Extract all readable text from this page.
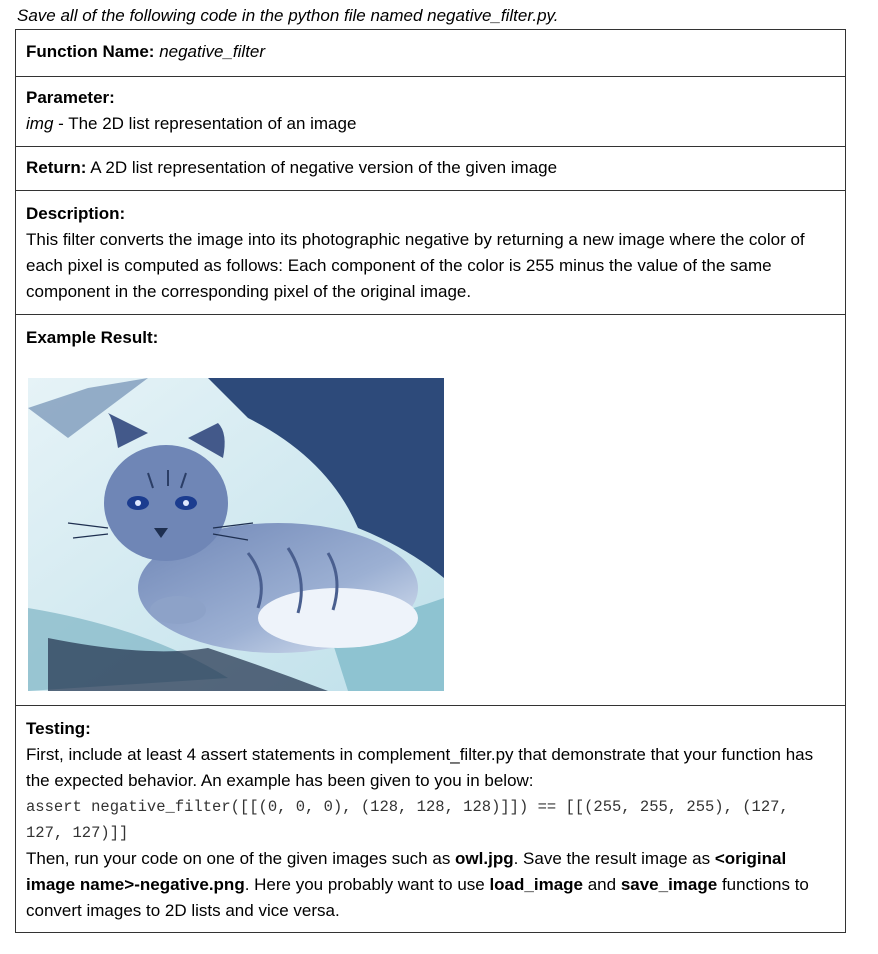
Save all of the following code in the python file named negative_filter.py.
Function Name: negative_filter
Parameter:
img - The 2D list representation of an image
Return: A 2D list representation of negative version of the given image
Description:
This filter converts the image into its photographic negative by returning a new image where the color of each pixel is computed as follows: Each component of the color is 255 minus the value of the same component in the corresponding pixel of the original image.
Example Result:
Testing:
First, include at least 4 assert statements in complement_filter.py that demonstrate that your function has the expected behavior. An example has been given to you in below:
assert negative_filter([[(0, 0, 0), (128, 128, 128)]]) == [[(255, 255, 255), (127, 127, 127)]]
Then, run your code on one of the given images such as owl.jpg. Save the result image as <original image name>-negative.png. Here you probably want to use load_image and save_image functions to convert images to 2D lists and vice versa.
